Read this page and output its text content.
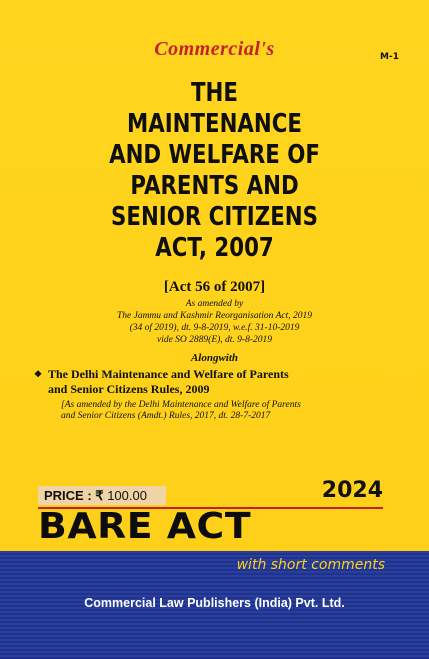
Commercial's	M-1
THE
MAINTENANCE
AND WELFARE OF
PARENTS AND
SENIOR CITIZENS
ACT, 2007
[Act 56 of 2007]
As amended by
The Jammu and Kashmir Reorganisation Act, 2019
(34 of 2019), dt. 9-8-2019, w.e.f. 31-10-2019
vide SO 2889(E), dt. 9-8-2019
Alongwith
❖ The Delhi Maintenance and Welfare of Parents
and Senior Citizens Rules, 2009
[As amended by the Delhi Maintenance and Welfare of Parents
and Senior Citizens (Amdt.) Rules, 2017, dt. 28-7-2017
PRICE : ₹ 100.00	2024
BARE ACT
with short comments
Commercial Law Publishers (India) Pvt. Ltd.
